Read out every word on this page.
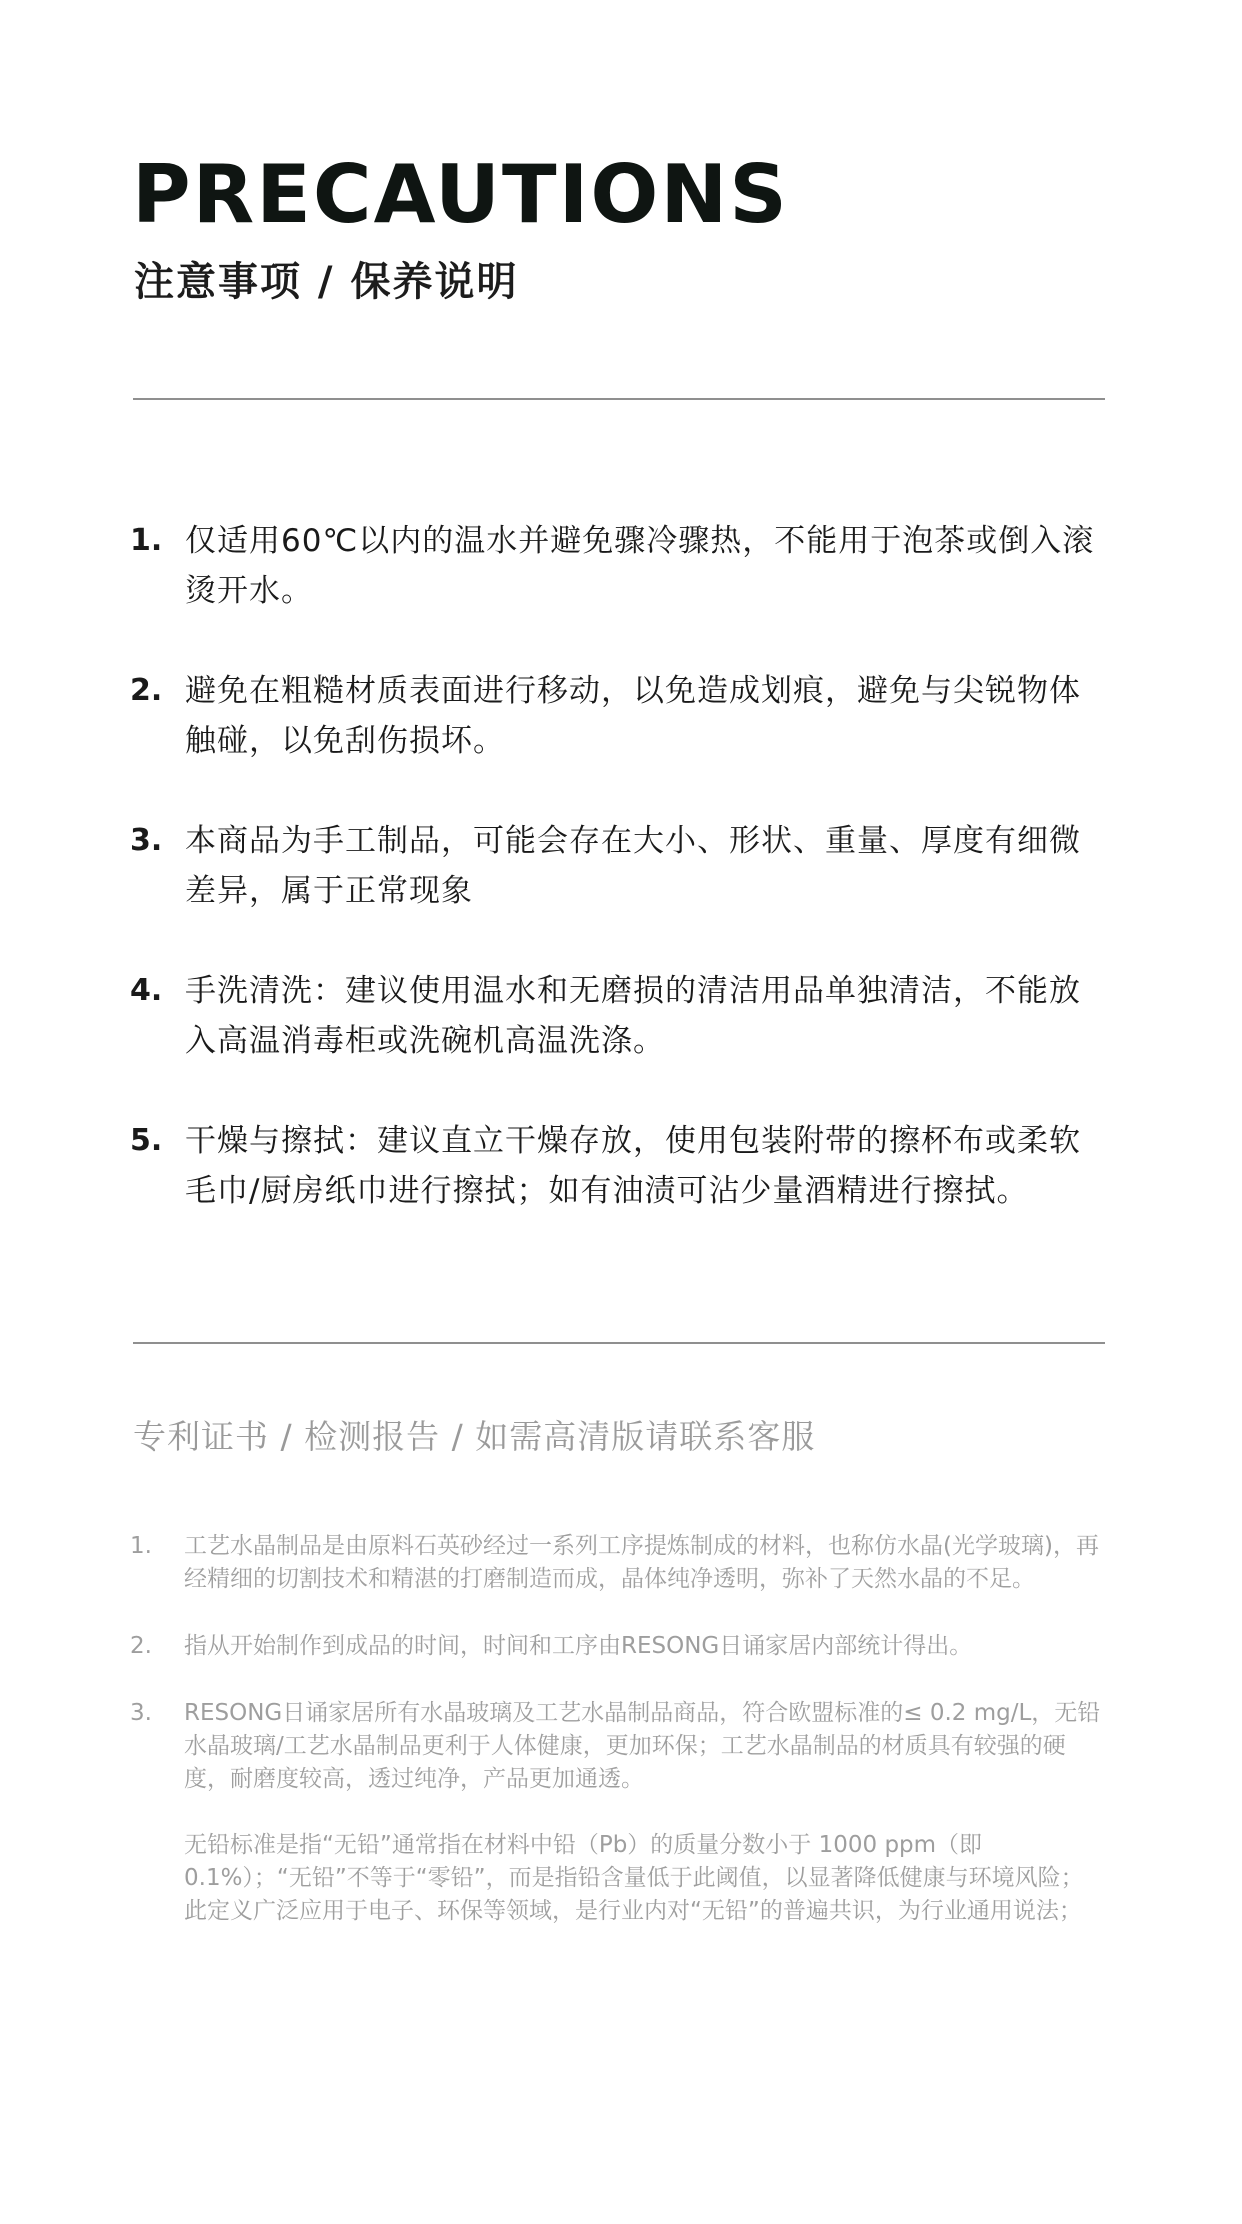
PRECAUTIONS
注意事项 / 保养说明
1. 仅适用60℃以内的温水并避免骤冷骤热，不能用于泡茶或倒入滚烫开水。
2. 避免在粗糙材质表面进行移动，以免造成划痕，避免与尖锐物体触碰，以免刮伤损坏。
3. 本商品为手工制品，可能会存在大小、形状、重量、厚度有细微差异，属于正常现象
4. 手洗清洗：建议使用温水和无磨损的清洁用品单独清洁，不能放入高温消毒柜或洗碗机高温洗涤。
5. 干燥与擦拭：建议直立干燥存放，使用包装附带的擦杯布或柔软毛巾/厨房纸巾进行擦拭；如有油渍可沾少量酒精进行擦拭。

专利证书 / 检测报告 / 如需高清版请联系客服

1. 工艺水晶制品是由原料石英砂经过一系列工序提炼制成的材料，也称仿水晶(光学玻璃)，再经精细的切割技术和精湛的打磨制造而成，晶体纯净透明，弥补了天然水晶的不足。

2. 指从开始制作到成品的时间，时间和工序由RESONG日诵家居内部统计得出。

3. RESONG日诵家居所有水晶玻璃及工艺水晶制品商品，符合欧盟标准的≤ 0.2 mg/L，无铅水晶玻璃/工艺水晶制品更利于人体健康，更加环保；工艺水晶制品的材质具有较强的硬度，耐磨度较高，透过纯净，产品更加通透。

无铅标准是指“无铅”通常指在材料中铅（Pb）的质量分数小于 1000 ppm（即 0.1%）；“无铅”不等于“零铅”，而是指铅含量低于此阈值，以显著降低健康与环境风险；此定义广泛应用于电子、环保等领域，是行业内对“无铅”的普遍共识，为行业通用说法；
